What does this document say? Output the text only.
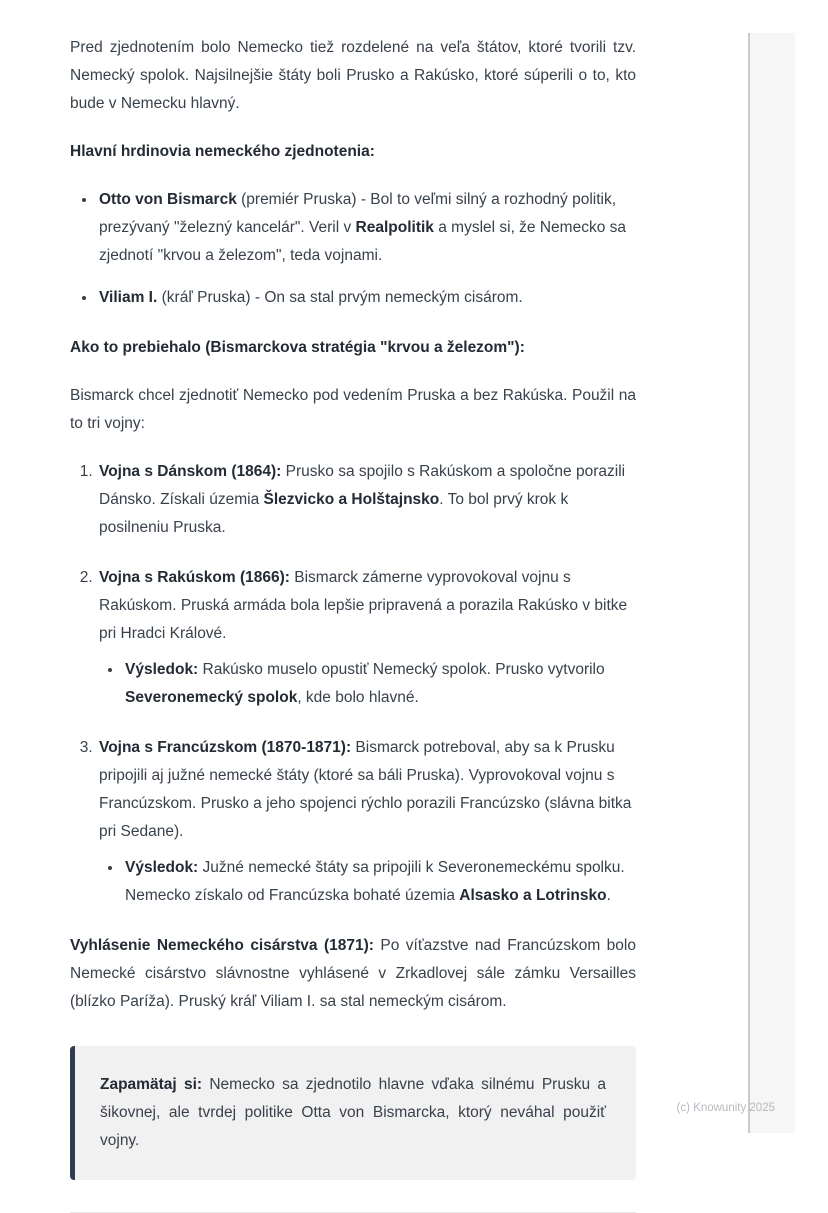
Pred zjednotením bolo Nemecko tiež rozdelené na veľa štátov, ktoré tvorili tzv. Nemecký spolok. Najsilnejšie štáty boli Prusko a Rakúsko, ktoré súperili o to, kto bude v Nemecku hlavný.

Hlavní hrdinovia nemeckého zjednotenia:

• Otto von Bismarck (premiér Pruska) - Bol to veľmi silný a rozhodný politik, prezývaný "železný kancelár". Veril v Realpolitik a myslel si, že Nemecko sa zjednotí "krvou a železom", teda vojnami.
• Viliam I. (kráľ Pruska) - On sa stal prvým nemeckým cisárom.

Ako to prebiehalo (Bismarckova stratégia "krvou a železom"):

Bismarck chcel zjednotiť Nemecko pod vedením Pruska a bez Rakúska. Použil na to tri vojny:

1. Vojna s Dánskom (1864): Prusko sa spojilo s Rakúskom a spoločne porazili Dánsko. Získali územia Šlezvicko a Holštajnsko. To bol prvý krok k posilneniu Pruska.
2. Vojna s Rakúskom (1866): Bismarck zámerne vyprovokoval vojnu s Rakúskom. Pruská armáda bola lepšie pripravená a porazila Rakúsko v bitke pri Hradci Králové.
• Výsledok: Rakúsko muselo opustiť Nemecký spolok. Prusko vytvorilo Severonemecký spolok, kde bolo hlavné.
3. Vojna s Francúzskom (1870-1871): Bismarck potreboval, aby sa k Prusku pripojili aj južné nemecké štáty (ktoré sa báli Pruska). Vyprovokoval vojnu s Francúzskom. Prusko a jeho spojenci rýchlo porazili Francúzsko (slávna bitka pri Sedane).
• Výsledok: Južné nemecké štáty sa pripojili k Severonemeckému spolku. Nemecko získalo od Francúzska bohaté územia Alsasko a Lotrinsko.

Vyhlásenie Nemeckého cisárstva (1871): Po víťazstve nad Francúzskom bolo Nemecké cisárstvo slávnostne vyhlásené v Zrkadlovej sále zámku Versailles (blízko Paríža). Pruský kráľ Viliam I. sa stal nemeckým cisárom.

Zapamätaj si: Nemecko sa zjednotilo hlavne vďaka silnému Prusku a šikovnej, ale tvrdej politike Otta von Bismarcka, ktorý neváhal použiť vojny.

(c) Knowunity 2025
